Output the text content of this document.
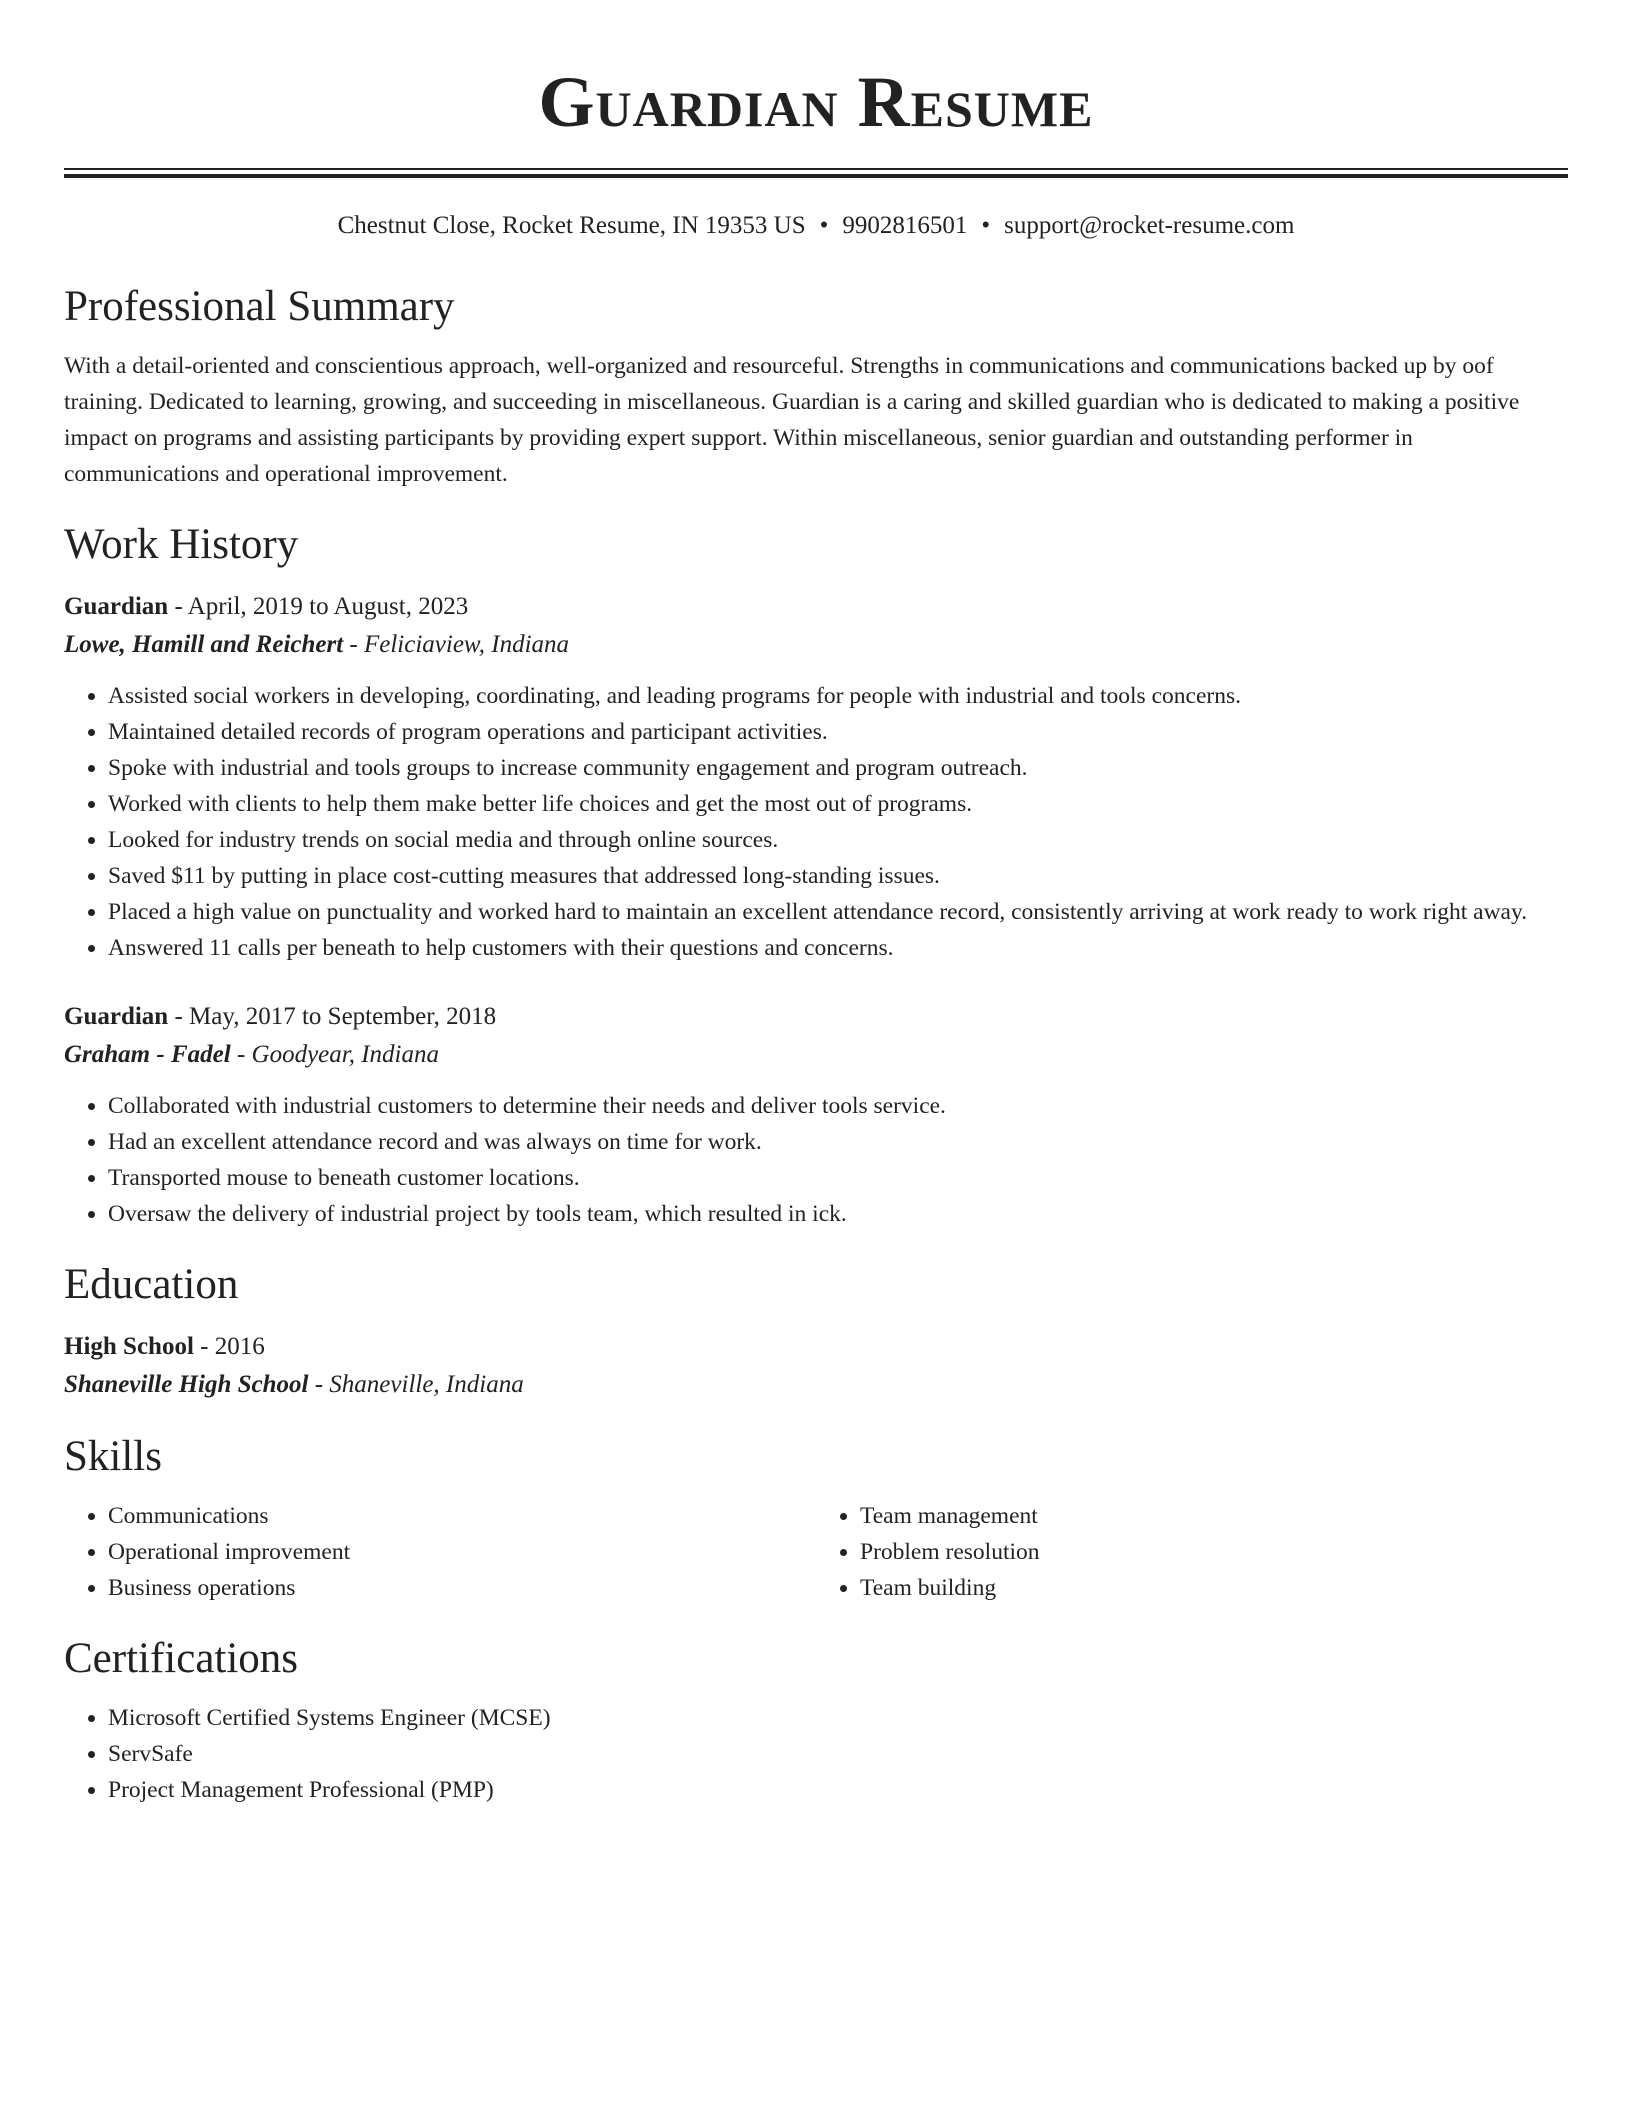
Guardian Resume
Chestnut Close, Rocket Resume, IN 19353 US • 9902816501 • support@rocket-resume.com
Professional Summary

With a detail-oriented and conscientious approach, well-organized and resourceful. Strengths in communications and communications backed up by oof training. Dedicated to learning, growing, and succeeding in miscellaneous. Guardian is a caring and skilled guardian who is dedicated to making a positive impact on programs and assisting participants by providing expert support. Within miscellaneous, senior guardian and outstanding performer in communications and operational improvement.

Work History
Guardian - April, 2019 to August, 2023
Lowe, Hamill and Reichert - Feliciaview, Indiana
• Assisted social workers in developing, coordinating, and leading programs for people with industrial and tools concerns.
• Maintained detailed records of program operations and participant activities.
• Spoke with industrial and tools groups to increase community engagement and program outreach.
• Worked with clients to help them make better life choices and get the most out of programs.
• Looked for industry trends on social media and through online sources.
• Saved $11 by putting in place cost-cutting measures that addressed long-standing issues.
• Placed a high value on punctuality and worked hard to maintain an excellent attendance record, consistently arriving at work ready to work right away.
• Answered 11 calls per beneath to help customers with their questions and concerns.
Guardian - May, 2017 to September, 2018
Graham - Fadel - Goodyear, Indiana
• Collaborated with industrial customers to determine their needs and deliver tools service.
• Had an excellent attendance record and was always on time for work.
• Transported mouse to beneath customer locations.
• Oversaw the delivery of industrial project by tools team, which resulted in ick.
Education
High School - 2016
Shaneville High School - Shaneville, Indiana
Skills
• Communications
• Operational improvement
• Business operations
• Team management
• Problem resolution
• Team building
Certifications
• Microsoft Certified Systems Engineer (MCSE)
• ServSafe
• Project Management Professional (PMP)
